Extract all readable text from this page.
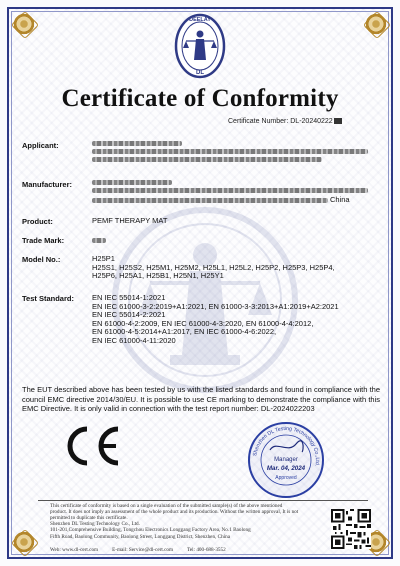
DEELAY
DL
Certificate of Conformity
Certificate Number: DL-20240222
Applicant:
Manufacturer:
China
Product:	PEMF THERAPY MAT
Trade Mark:
Model No.:	H25P1
H25S1, H25S2, H25M1, H25M2, H25L1, H25L2, H25P2, H25P3, H25P4,
H25P6, H25A1, H25B1, H25N1, H25Y1
Test Standard: EN IEC 55014-1:2021
EN IEC 61000-3-2:2019+A1:2021, EN 61000-3-3:2013+A1:2019+A2:2021
EN IEC 55014-2:2021
EN 61000-4-2:2009, EN IEC 61000-4-3:2020, EN 61000-4-4:2012,
EN 61000-4-5:2014+A1:2017, EN IEC 61000-4-6:2022,
EN IEC 61000-4-11:2020
The EUT described above has been tested by us with the listed standards and found in compliance with the council EMC directive 2014/30/EU. It is possible to use CE marking to demonstrate the compliance with this EMC Directive. It is only valid in connection with the test report number: DL-2024022203
CE
Shenzhen DL Testing Technology Co.,Ltd.
Manager
Mar. 04, 2024
Approved
This certificate of conformity is based on a single evaluation of the submitted sample(s) of the above mentioned product. It does not imply an assessment of the whole product and its production. Without the written approval, It is not permitted to duplicate this certificate.
Shenzhen DL Testing Technology Co., Ltd.
101-201,Comprehensive Building, Tongchou Electronics Longgang Factory Area, No.1 Baolong
Fifth Road, Baolong Community, Baolong Street, Longgang District, Shenzhen, China
Web: www.dl-cert.com	E-mail: Service@dl-cert.com	Tel: 400-688-3552
